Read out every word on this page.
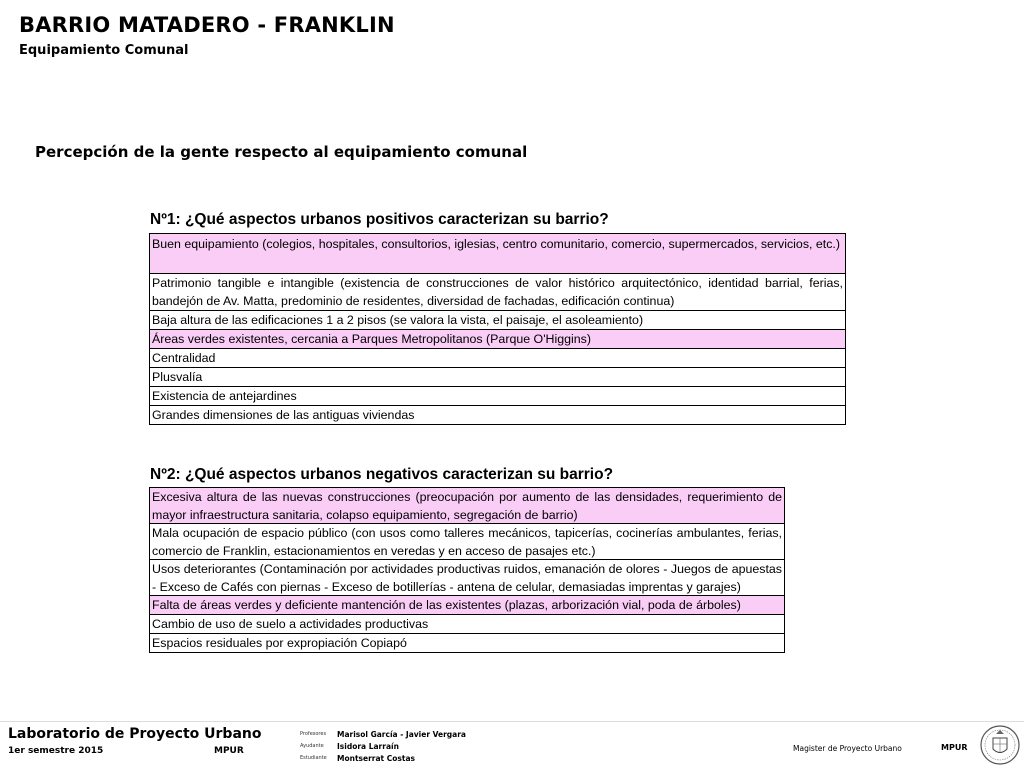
BARRIO MATADERO - FRANKLIN
Equipamiento Comunal
Percepción de la gente respecto al equipamiento comunal
Nº1: ¿Qué aspectos urbanos positivos caracterizan su barrio?
Buen equipamiento (colegios, hospitales, consultorios, iglesias, centro comunitario, comercio, supermercados, servicios, etc.)
Patrimonio tangible e intangible (existencia de construcciones de valor histórico arquitectónico, identidad barrial, ferias, bandejón de Av. Matta, predominio de residentes, diversidad de fachadas, edificación continua)
Baja altura de las edificaciones 1 a 2 pisos (se valora la vista, el paisaje, el asoleamiento)
Áreas verdes existentes, cercania a Parques Metropolitanos (Parque O'Higgins)
Centralidad
Plusvalía
Existencia de antejardines
Grandes dimensiones de las antiguas viviendas
Nº2: ¿Qué aspectos urbanos negativos caracterizan su barrio?
Excesiva altura de las nuevas construcciones (preocupación por aumento de las densidades, requerimiento de mayor infraestructura sanitaria, colapso equipamiento, segregación de barrio)
Mala ocupación de espacio público (con usos como talleres mecánicos, tapicerías, cocinerías ambulantes, ferias, comercio de Franklin, estacionamientos en veredas y en acceso de pasajes etc.)
Usos deteriorantes (Contaminación por actividades productivas ruidos, emanación de olores - Juegos de apuestas - Exceso de Cafés con piernas - Exceso de botillerías - antena de celular, demasiadas imprentas y garajes)
Falta de áreas verdes y deficiente mantención de las existentes (plazas, arborización vial, poda de árboles)
Cambio de uso de suelo a actividades productivas
Espacios residuales por expropiación Copiapó
Laboratorio de Proyecto Urbano
1er semestre 2015	MPUR
Profesores	Marisol García - Javier Vergara
Ayudante	Isidora Larraín
Estudiante	Montserrat Costas
Magister de Proyecto Urbano	MPUR
